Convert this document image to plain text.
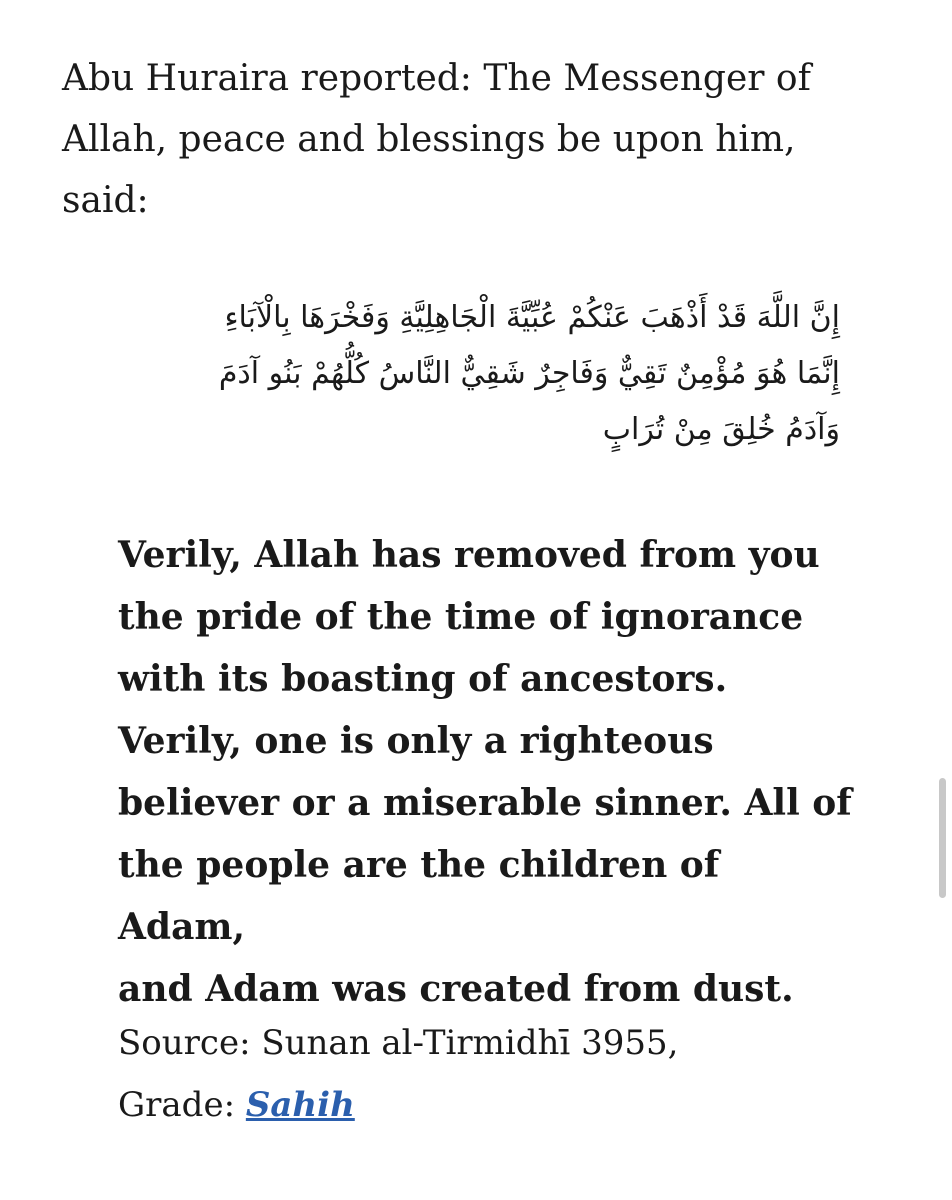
Abu Huraira reported: The Messenger of
Allah, peace and blessings be upon him,
said:

إِنَّ اللَّهَ قَدْ أَذْهَبَ عَنْكُمْ عُبِّيَّةَ الْجَاهِلِيَّةِ وَفَخْرَهَا بِالْآبَاءِ
إِنَّمَا هُوَ مُؤْمِنٌ تَقِيٌّ وَفَاجِرٌ شَقِيٌّ النَّاسُ كُلُّهُمْ بَنُو آدَمَ
وَآدَمُ خُلِقَ مِنْ تُرَابٍ

Verily, Allah has removed from you
the pride of the time of ignorance
with its boasting of ancestors.
Verily, one is only a righteous
believer or a miserable sinner. All of
the people are the children of Adam,
and Adam was created from dust.

Source: Sunan al-Tirmidhī 3955,
Grade: Sahih
